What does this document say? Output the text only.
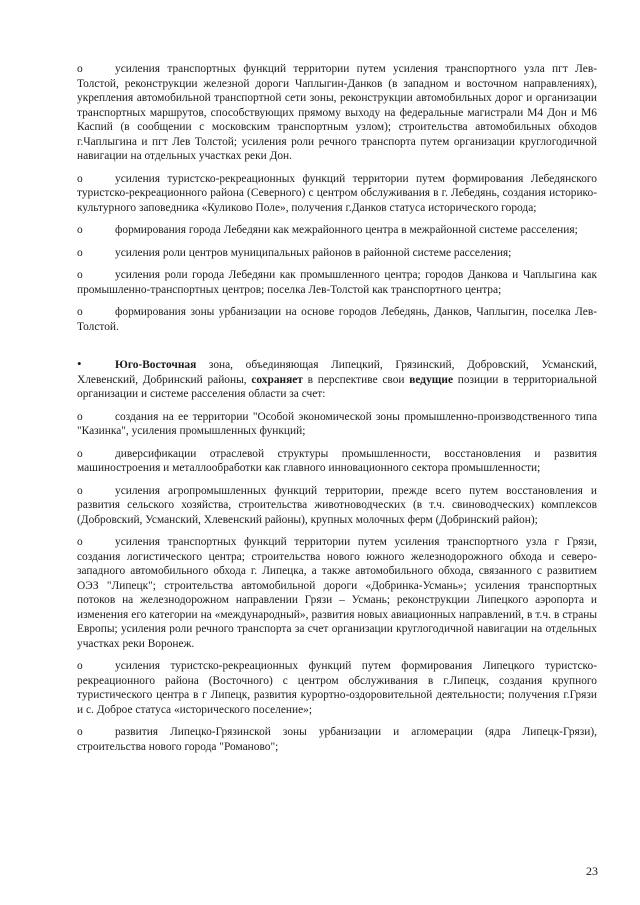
o	усиления транспортных функций территории путем усиления транспортного узла пгт Лев-Толстой, реконструкции железной дороги Чаплыгин-Данков (в западном и восточном направлениях), укрепления автомобильной транспортной сети зоны, реконструкции автомобильных дорог и организации транспортных маршрутов, способствующих прямому выходу на федеральные магистрали М4 Дон и М6 Каспий (в сообщении с московским транспортным узлом); строительства автомобильных обходов г.Чаплыгина и пгт Лев Толстой; усиления роли речного транспорта путем организации круглогодичной навигации на отдельных участках реки Дон.

o	усиления туристско-рекреационных функций территории путем формирования Лебедянского туристско-рекреационного района (Северного) с центром обслуживания в г. Лебедянь, создания историко-культурного заповедника «Куликово Поле», получения г.Данков статуса исторического города;

o	формирования города Лебедяни как межрайонного центра в межрайонной системе расселения;

o	усиления роли центров муниципальных районов в районной системе расселения;

o	усиления роли города Лебедяни как промышленного центра; городов Данкова и Чаплыгина как промышленно-транспортных центров; поселка Лев-Толстой как транспортного центра;

o	формирования зоны урбанизации на основе городов Лебедянь, Данков, Чаплыгин, поселка Лев-Толстой.

•	Юго-Восточная зона, объединяющая Липецкий, Грязинский, Добровский, Усманский, Хлевенский, Добринский районы, сохраняет в перспективе свои ведущие позиции в территориальной организации и системе расселения области за счет:

o	создания на ее территории "Особой экономической зоны промышленно-производственного типа "Казинка", усиления промышленных функций;

o	диверсификации отраслевой структуры промышленности, восстановления и развития машиностроения и металлообработки как главного инновационного сектора промышленности;

o	усиления агропромышленных функций территории, прежде всего путем восстановления и развития сельского хозяйства, строительства животноводческих (в т.ч. свиноводческих) комплексов (Добровский, Усманский, Хлевенский районы), крупных молочных ферм (Добринский район);

o	усиления транспортных функций территории путем усиления транспортного узла г Грязи, создания логистического центра; строительства нового южного железнодорожного обхода и северо-западного автомобильного обхода г. Липецка, а также автомобильного обхода, связанного с развитием ОЭЗ "Липецк"; строительства автомобильной дороги «Добринка-Усмань»; усиления транспортных потоков на железнодорожном направлении Грязи – Усмань; реконструкции Липецкого аэропорта и изменения его категории на «международный», развития новых авиационных направлений, в т.ч. в страны Европы; усиления роли речного транспорта за счет организации круглогодичной навигации на отдельных участках реки Воронеж.

o	усиления туристско-рекреационных функций путем формирования Липецкого туристско-рекреационного района (Восточного) с центром обслуживания в г.Липецк, создания крупного туристического центра в г Липецк, развития курортно-оздоровительной деятельности; получения г.Грязи и с. Доброе статуса «исторического поселение»;

o	развития Липецко-Грязинской зоны урбанизации и агломерации (ядра Липецк-Грязи), строительства нового города "Романово";

23
